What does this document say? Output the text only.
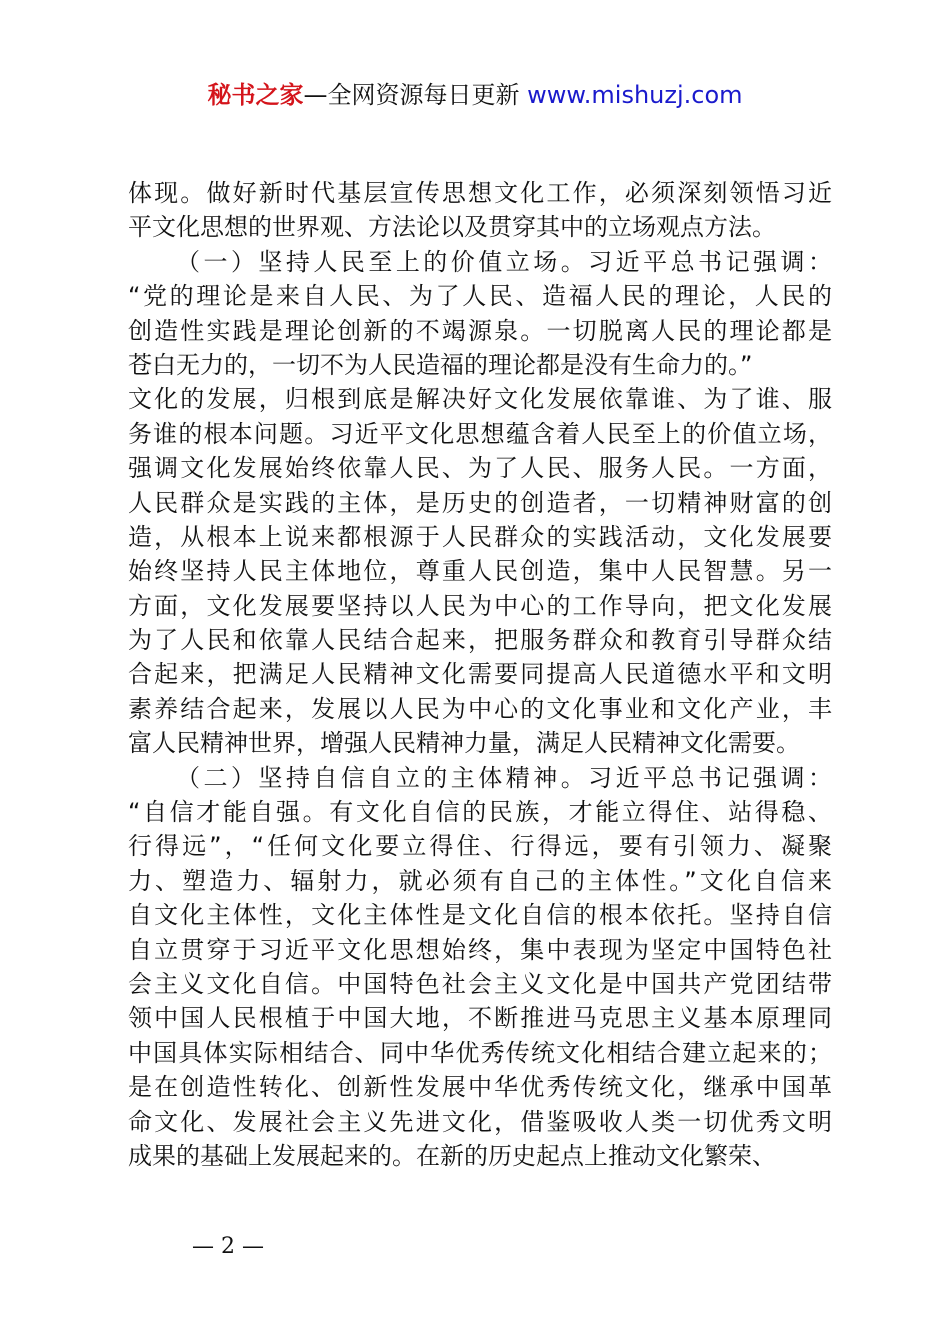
秘书之家—全网资源每日更新 www.mishuzj.com
体现。做好新时代基层宣传思想文化工作，必须深刻领悟习近
平文化思想的世界观、方法论以及贯穿其中的立场观点方法。
（一）坚持人民至上的价值立场。习近平总书记强调：
“党的理论是来自人民、为了人民、造福人民的理论，人民的
创造性实践是理论创新的不竭源泉。一切脱离人民的理论都是
苍白无力的，一切不为人民造福的理论都是没有生命力的。”
文化的发展，归根到底是解决好文化发展依靠谁、为了谁、服
务谁的根本问题。习近平文化思想蕴含着人民至上的价值立场，
强调文化发展始终依靠人民、为了人民、服务人民。一方面，
人民群众是实践的主体，是历史的创造者，一切精神财富的创
造，从根本上说来都根源于人民群众的实践活动，文化发展要
始终坚持人民主体地位，尊重人民创造，集中人民智慧。另一
方面，文化发展要坚持以人民为中心的工作导向，把文化发展
为了人民和依靠人民结合起来，把服务群众和教育引导群众结
合起来，把满足人民精神文化需要同提高人民道德水平和文明
素养结合起来，发展以人民为中心的文化事业和文化产业，丰
富人民精神世界，增强人民精神力量，满足人民精神文化需要。
（二）坚持自信自立的主体精神。习近平总书记强调：
“自信才能自强。有文化自信的民族，才能立得住、站得稳、
行得远”，“任何文化要立得住、行得远，要有引领力、凝聚
力、塑造力、辐射力，就必须有自己的主体性。”文化自信来
自文化主体性，文化主体性是文化自信的根本依托。坚持自信
自立贯穿于习近平文化思想始终，集中表现为坚定中国特色社
会主义文化自信。中国特色社会主义文化是中国共产党团结带
领中国人民根植于中国大地，不断推进马克思主义基本原理同
中国具体实际相结合、同中华优秀传统文化相结合建立起来的；
是在创造性转化、创新性发展中华优秀传统文化，继承中国革
命文化、发展社会主义先进文化，借鉴吸收人类一切优秀文明
成果的基础上发展起来的。在新的历史起点上推动文化繁荣、
— 2 —
